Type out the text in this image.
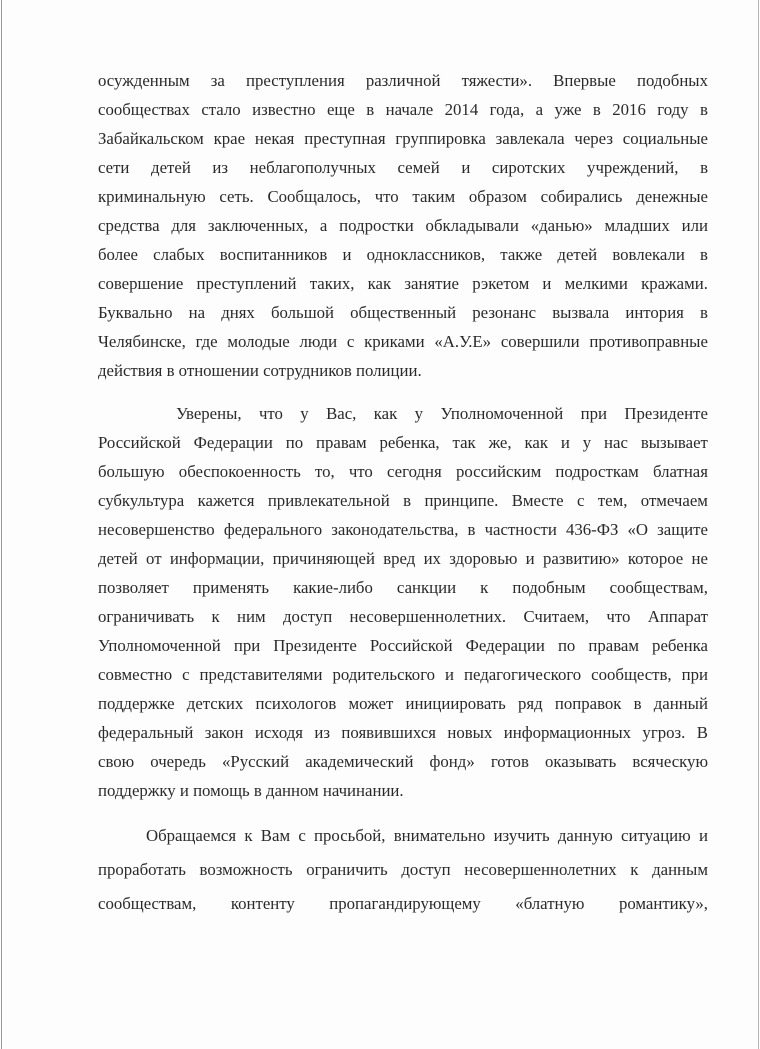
осужденным за преступления различной тяжести». Впервые подобных
сообществах стало известно еще в начале 2014 года, а уже в 2016 году в
Забайкальском крае некая преступная группировка завлекала через социальные
сети детей из неблагополучных семей и сиротских учреждений, в
криминальную сеть. Сообщалось, что таким образом собирались денежные
средства для заключенных, а подростки обкладывали «данью» младших или
более слабых воспитанников и одноклассников, также детей вовлекали в
совершение преступлений таких, как занятие рэкетом и мелкими кражами.
Буквально на днях большой общественный резонанс вызвала интория в
Челябинске, где молодые люди с криками «А.У.Е» совершили противоправные
действия в отношении сотрудников полиции.
Уверены, что у Вас, как у Уполномоченной при Президенте
Российской Федерации по правам ребенка, так же, как и у нас вызывает
большую обеспокоенность то, что сегодня российским подросткам блатная
субкультура кажется привлекательной в принципе. Вместе с тем, отмечаем
несовершенство федерального законодательства, в частности 436-ФЗ «О защите
детей от информации, причиняющей вред их здоровью и развитию» которое не
позволяет применять какие-либо санкции к подобным сообществам,
ограничивать к ним доступ несовершеннолетних. Считаем, что Аппарат
Уполномоченной при Президенте Российской Федерации по правам ребенка
совместно с представителями родительского и педагогического сообществ, при
поддержке детских психологов может инициировать ряд поправок в данный
федеральный закон исходя из появившихся новых информационных угроз. В
свою очередь «Русский академический фонд» готов оказывать всяческую
поддержку и помощь в данном начинании.
Обращаемся к Вам с просьбой, внимательно изучить данную ситуацию и
проработать возможность ограничить доступ несовершеннолетних к данным
сообществам, контенту пропагандирующему «блатную романтику»,
